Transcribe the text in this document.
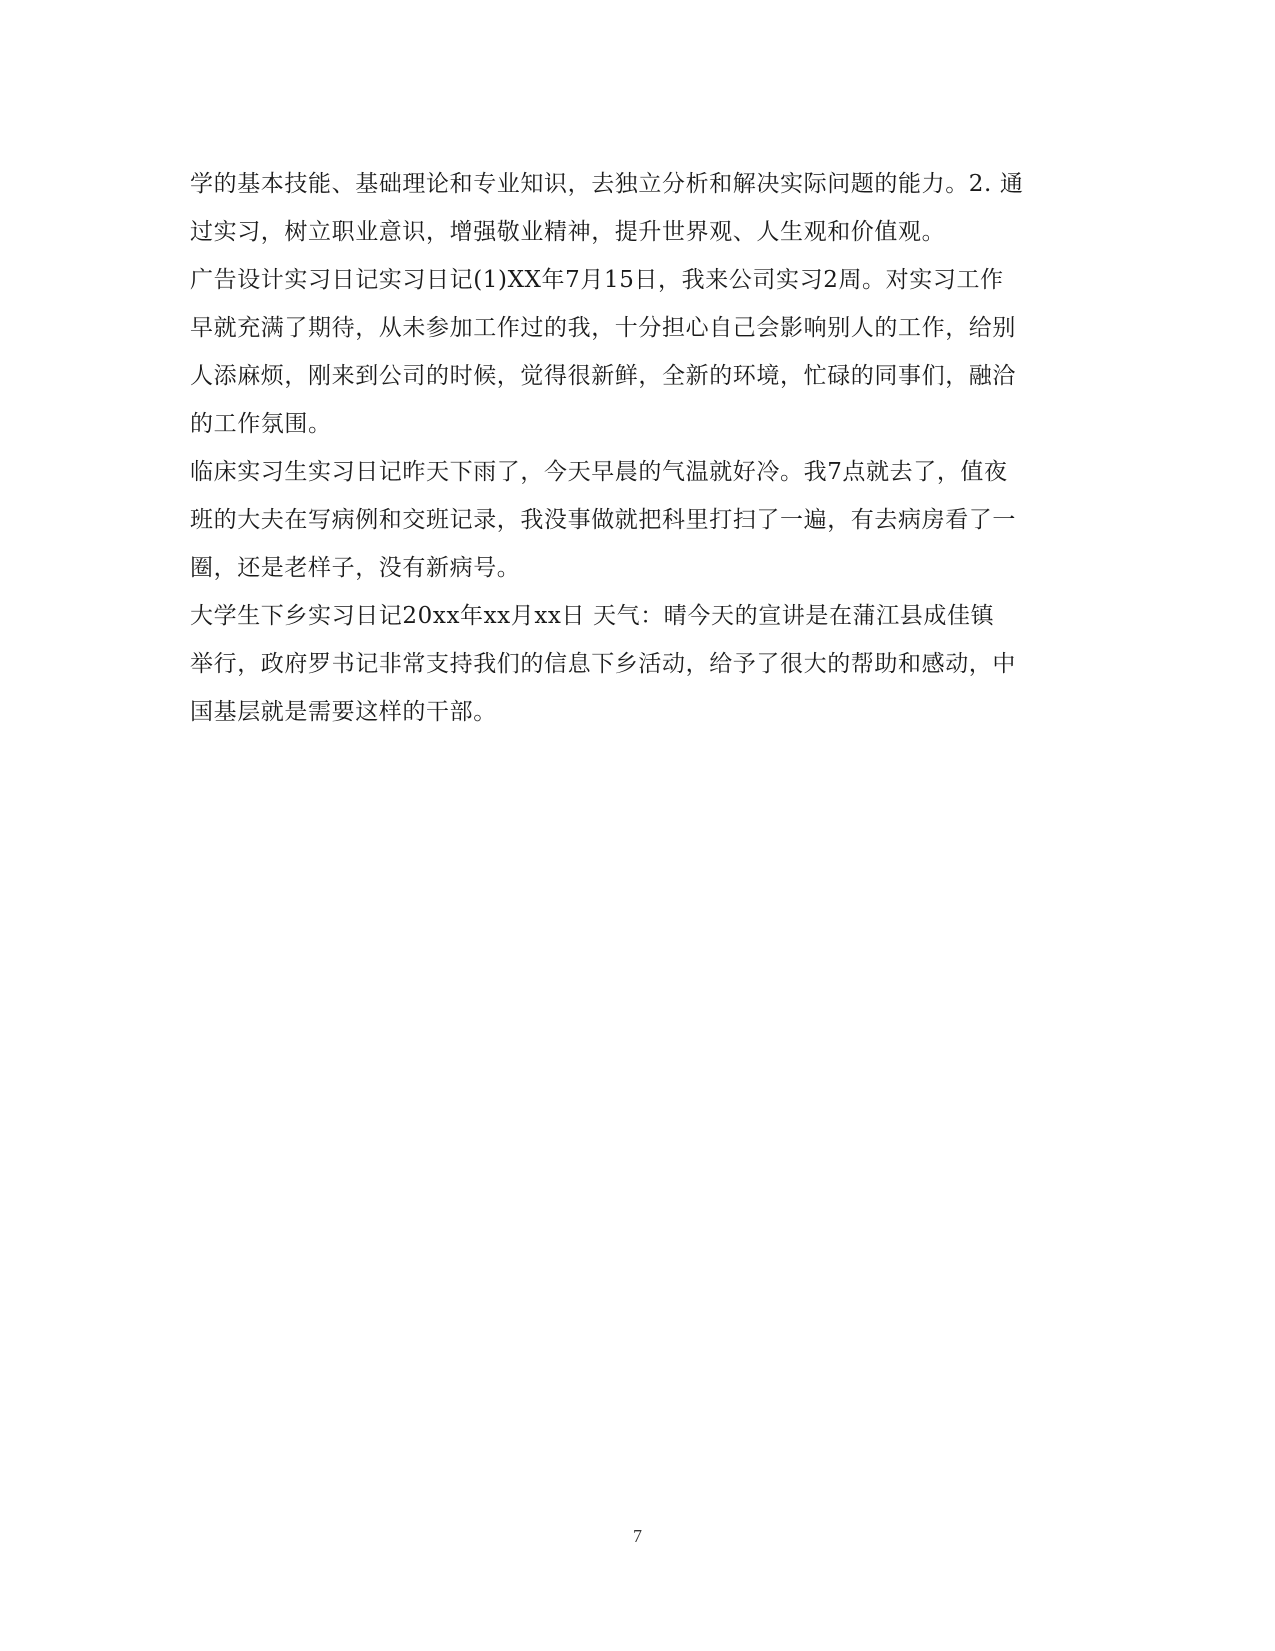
学的基本技能、基础理论和专业知识，去独立分析和解决实际问题的能力。2. 通
过实习，树立职业意识，增强敬业精神，提升世界观、人生观和价值观。
广告设计实习日记实习日记(1)XX年7月15日，我来公司实习2周。对实习工作
早就充满了期待，从未参加工作过的我，十分担心自己会影响别人的工作，给别
人添麻烦，刚来到公司的时候，觉得很新鲜，全新的环境，忙碌的同事们，融洽
的工作氛围。
临床实习生实习日记昨天下雨了，今天早晨的气温就好冷。我7点就去了，值夜
班的大夫在写病例和交班记录，我没事做就把科里打扫了一遍，有去病房看了一
圈，还是老样子，没有新病号。
大学生下乡实习日记20xx年xx月xx日 天气：晴今天的宣讲是在蒲江县成佳镇
举行，政府罗书记非常支持我们的信息下乡活动，给予了很大的帮助和感动，中
国基层就是需要这样的干部。
7
